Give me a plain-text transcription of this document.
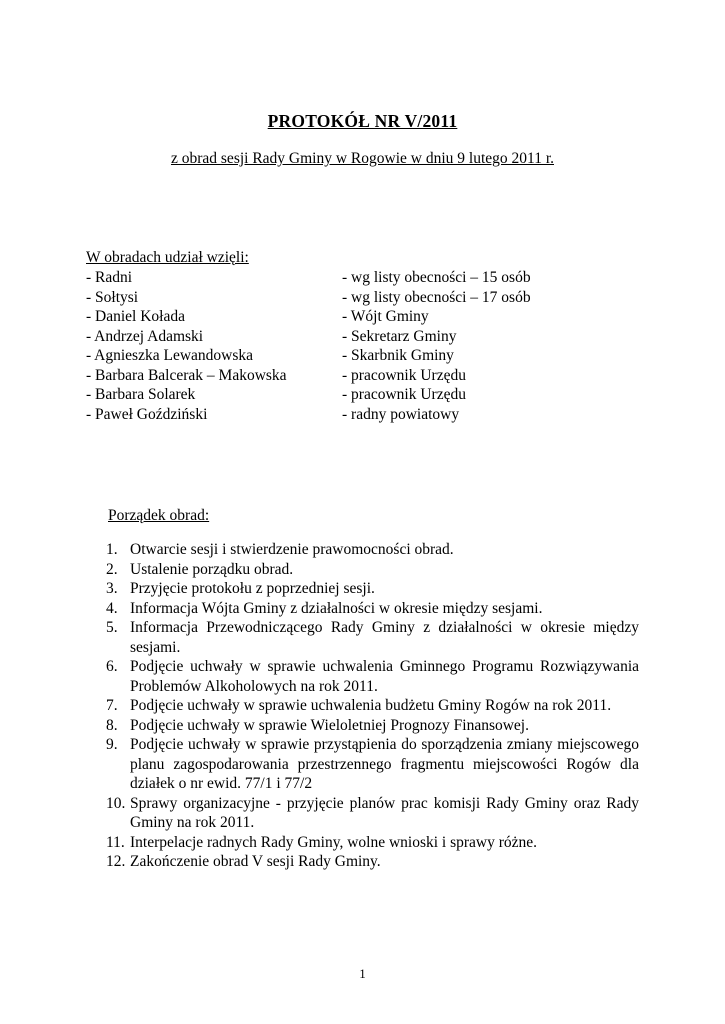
PROTOKÓŁ NR V/2011
z obrad sesji Rady Gminy w Rogowie w dniu 9 lutego 2011 r.
W obradach udział wzięli:
- Radni	- wg listy obecności – 15 osób
- Sołtysi	- wg listy obecności – 17 osób
- Daniel Kołada	- Wójt Gminy
- Andrzej Adamski	- Sekretarz Gminy
- Agnieszka Lewandowska	- Skarbnik Gminy
- Barbara Balcerak – Makowska	- pracownik Urzędu
- Barbara Solarek	- pracownik Urzędu
- Paweł Goździński	- radny powiatowy
Porządek obrad:
1. Otwarcie sesji i stwierdzenie prawomocności obrad.
2. Ustalenie porządku obrad.
3. Przyjęcie protokołu z poprzedniej sesji.
4. Informacja Wójta Gminy z działalności w okresie między sesjami.
5. Informacja Przewodniczącego Rady Gminy z działalności w okresie między sesjami.
6. Podjęcie uchwały w sprawie uchwalenia Gminnego Programu Rozwiązywania Problemów Alkoholowych na rok 2011.
7. Podjęcie uchwały w sprawie uchwalenia budżetu Gminy Rogów na rok 2011.
8. Podjęcie uchwały w sprawie Wieloletniej Prognozy Finansowej.
9. Podjęcie uchwały w sprawie przystąpienia do sporządzenia zmiany miejscowego planu zagospodarowania przestrzennego fragmentu miejscowości Rogów dla działek o nr ewid. 77/1 i 77/2
10. Sprawy organizacyjne - przyjęcie planów prac komisji Rady Gminy oraz Rady Gminy na rok 2011.
11. Interpelacje radnych Rady Gminy, wolne wnioski i sprawy różne.
12. Zakończenie obrad V sesji Rady Gminy.
1
